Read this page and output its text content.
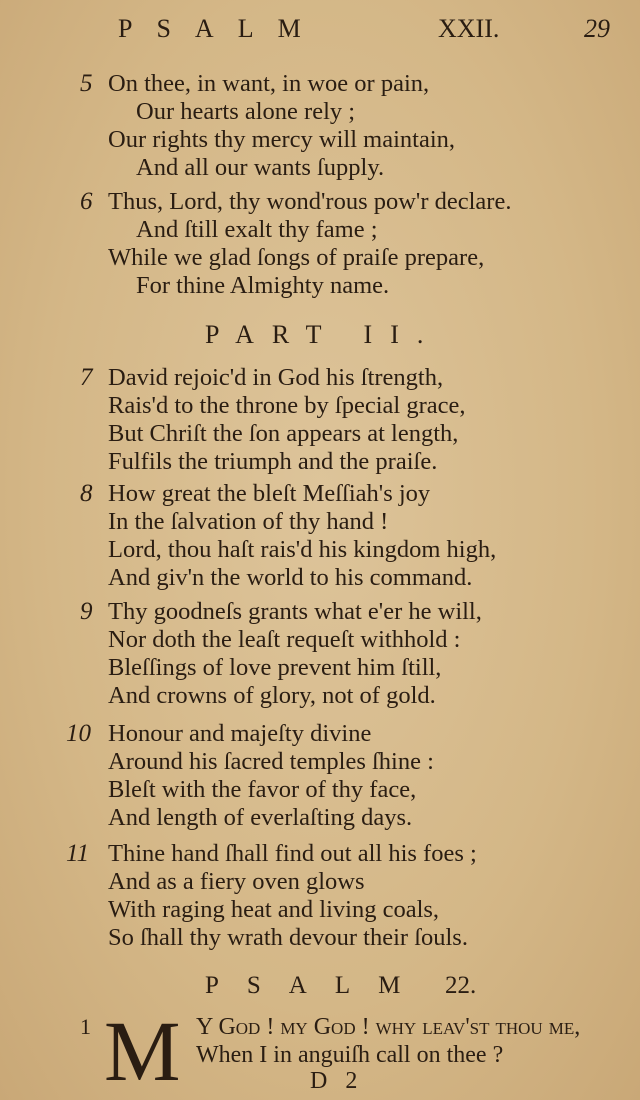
PSALM	XXII.	29
5 On thee, in want, in woe or pain,
Our hearts alone rely ;
Our rights thy mercy will maintain,
And all our wants ſupply.
6 Thus, Lord, thy wond'rous pow'r declare.
And ſtill exalt thy fame ;
While we glad ſongs of praiſe prepare,
For thine Almighty name.
PART II.
7 David rejoic'd in God his ſtrength,
Rais'd to the throne by ſpecial grace,
But Chriſt the ſon appears at length,
Fulfils the triumph and the praiſe.
8 How great the bleſt Meſſiah's joy
In the ſalvation of thy hand !
Lord, thou haſt rais'd his kingdom high,
And giv'n the world to his command.
9 Thy goodneſs grants what e'er he will,
Nor doth the leaſt requeſt withhold :
Bleſſings of love prevent him ſtill,
And crowns of glory, not of gold.
10 Honour and majeſty divine
Around his ſacred temples ſhine :
Bleſt with the favor of thy face,
And length of everlaſting days.
11 Thine hand ſhall find out all his foes ;
And as a fiery oven glows
With raging heat and living coals,
So ſhall thy wrath devour their ſouls.
PSALM 22.
1 M Y God ! my God ! why leav'ſt thou me,
When I in anguiſh call on thee ?
D 2
